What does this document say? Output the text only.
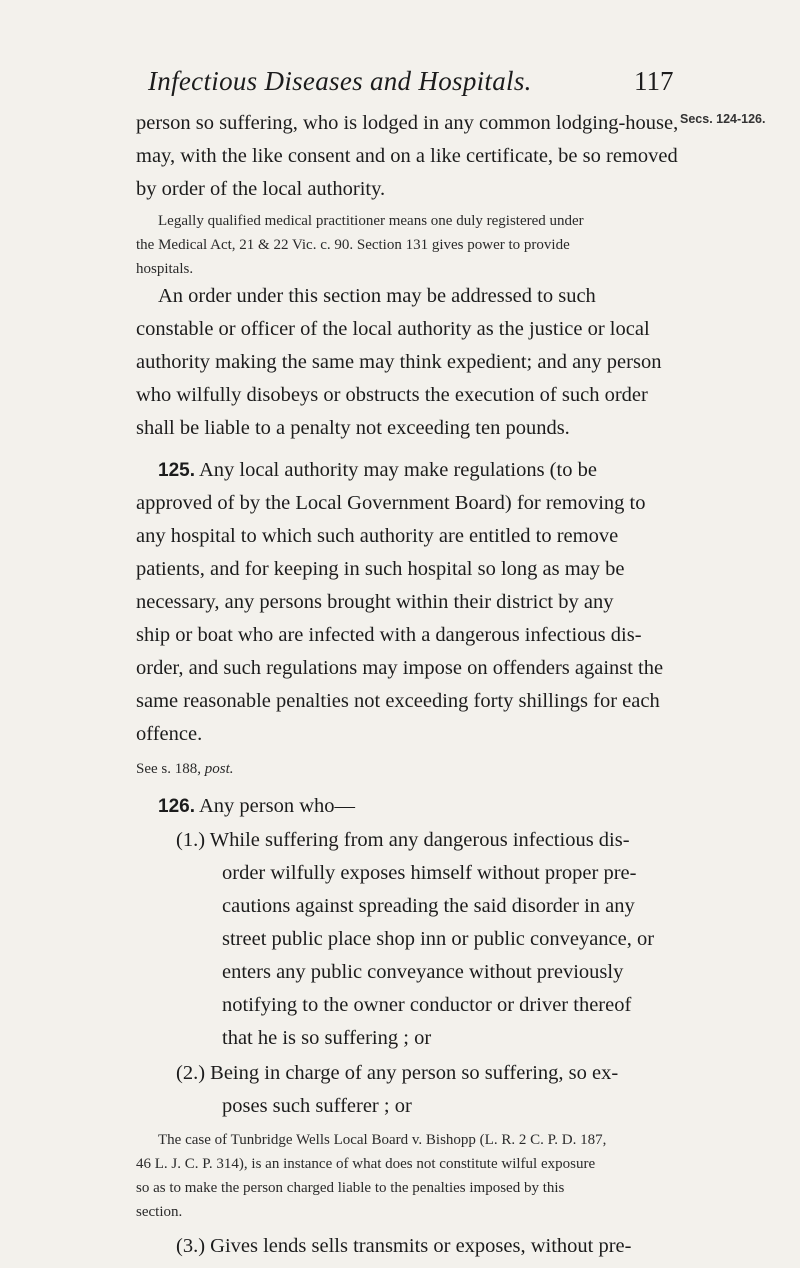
Infectious Diseases and Hospitals.	117
Secs. 124-126.
person so suffering, who is lodged in any common lodging-house,
may, with the like consent and on a like certificate, be so removed
by order of the local authority.
Legally qualified medical practitioner means one duly registered under
the Medical Act, 21 & 22 Vic. c. 90. Section 131 gives power to provide
hospitals.
An order under this section may be addressed to such
constable or officer of the local authority as the justice or local
authority making the same may think expedient; and any person
who wilfully disobeys or obstructs the execution of such order
shall be liable to a penalty not exceeding ten pounds.
125. Any local authority may make regulations (to be
approved of by the Local Government Board) for removing to
any hospital to which such authority are entitled to remove
patients, and for keeping in such hospital so long as may be
necessary, any persons brought within their district by any
ship or boat who are infected with a dangerous infectious dis-
order, and such regulations may impose on offenders against the
same reasonable penalties not exceeding forty shillings for each
offence.
See s. 188, post.
126. Any person who—
(1.) While suffering from any dangerous infectious dis-
order wilfully exposes himself without proper pre-
cautions against spreading the said disorder in any
street public place shop inn or public conveyance, or
enters any public conveyance without previously
notifying to the owner conductor or driver thereof
that he is so suffering ; or
(2.) Being in charge of any person so suffering, so ex-
poses such sufferer ; or
The case of Tunbridge Wells Local Board v. Bishopp (L. R. 2 C. P. D. 187,
46 L. J. C. P. 314), is an instance of what does not constitute wilful exposure
so as to make the person charged liable to the penalties imposed by this
section.
(3.) Gives lends sells transmits or exposes, without pre-
